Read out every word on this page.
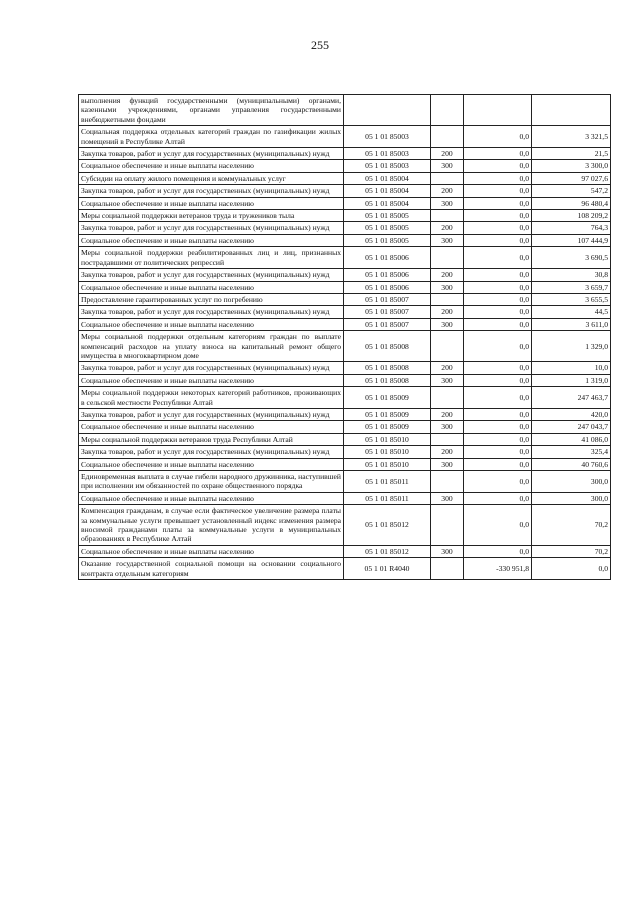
255
выполнения функций государственными (муниципальными) органами, казенными учреждениями, органами управления государственными внебюджетными фондами				
Социальная поддержка отдельных категорий граждан по газификации жилых помещений в Республике Алтай	05 1 01 85003		0,0	3 321,5
Закупка товаров, работ и услуг для государственных (муниципальных) нужд	05 1 01 85003	200	0,0	21,5
Социальное обеспечение и иные выплаты населению	05 1 01 85003	300	0,0	3 300,0
Субсидии на оплату жилого помещения и коммунальных услуг	05 1 01 85004		0,0	97 027,6
Закупка товаров, работ и услуг для государственных (муниципальных) нужд	05 1 01 85004	200	0,0	547,2
Социальное обеспечение и иные выплаты населению	05 1 01 85004	300	0,0	96 480,4
Меры социальной поддержки ветеранов труда и тружеников тыла	05 1 01 85005		0,0	108 209,2
Закупка товаров, работ и услуг для государственных (муниципальных) нужд	05 1 01 85005	200	0,0	764,3
Социальное обеспечение и иные выплаты населению	05 1 01 85005	300	0,0	107 444,9
Меры социальной поддержки реабилитированных лиц и лиц, признанных пострадавшими от политических репрессий	05 1 01 85006		0,0	3 690,5
Закупка товаров, работ и услуг для государственных (муниципальных) нужд	05 1 01 85006	200	0,0	30,8
Социальное обеспечение и иные выплаты населению	05 1 01 85006	300	0,0	3 659,7
Предоставление гарантированных услуг по погребению	05 1 01 85007		0,0	3 655,5
Закупка товаров, работ и услуг для государственных (муниципальных) нужд	05 1 01 85007	200	0,0	44,5
Социальное обеспечение и иные выплаты населению	05 1 01 85007	300	0,0	3 611,0
Меры социальной поддержки отдельным категориям граждан по выплате компенсаций расходов на уплату взноса на капитальный ремонт общего имущества в многоквартирном доме	05 1 01 85008		0,0	1 329,0
Закупка товаров, работ и услуг для государственных (муниципальных) нужд	05 1 01 85008	200	0,0	10,0
Социальное обеспечение и иные выплаты населению	05 1 01 85008	300	0,0	1 319,0
Меры социальной поддержки некоторых категорий работников, проживающих в сельской местности Республики Алтай	05 1 01 85009		0,0	247 463,7
Закупка товаров, работ и услуг для государственных (муниципальных) нужд	05 1 01 85009	200	0,0	420,0
Социальное обеспечение и иные выплаты населению	05 1 01 85009	300	0,0	247 043,7
Меры социальной поддержки ветеранов труда Республики Алтай	05 1 01 85010		0,0	41 086,0
Закупка товаров, работ и услуг для государственных (муниципальных) нужд	05 1 01 85010	200	0,0	325,4
Социальное обеспечение и иные выплаты населению	05 1 01 85010	300	0,0	40 760,6
Единовременная выплата в случае гибели народного дружинника, наступившей при исполнении им обязанностей по охране общественного порядка	05 1 01 85011		0,0	300,0
Социальное обеспечение и иные выплаты населению	05 1 01 85011	300	0,0	300,0
Компенсация гражданам, в случае если фактическое увеличение размера платы за коммунальные услуги превышает установленный индекс изменения размера вносимой гражданами платы за коммунальные услуги в муниципальных образованиях в Республике Алтай	05 1 01 85012		0,0	70,2
Социальное обеспечение и иные выплаты населению	05 1 01 85012	300	0,0	70,2
Оказание государственной социальной помощи на основании социального контракта отдельным категориям	05 1 01 R4040		-330 951,8	0,0
